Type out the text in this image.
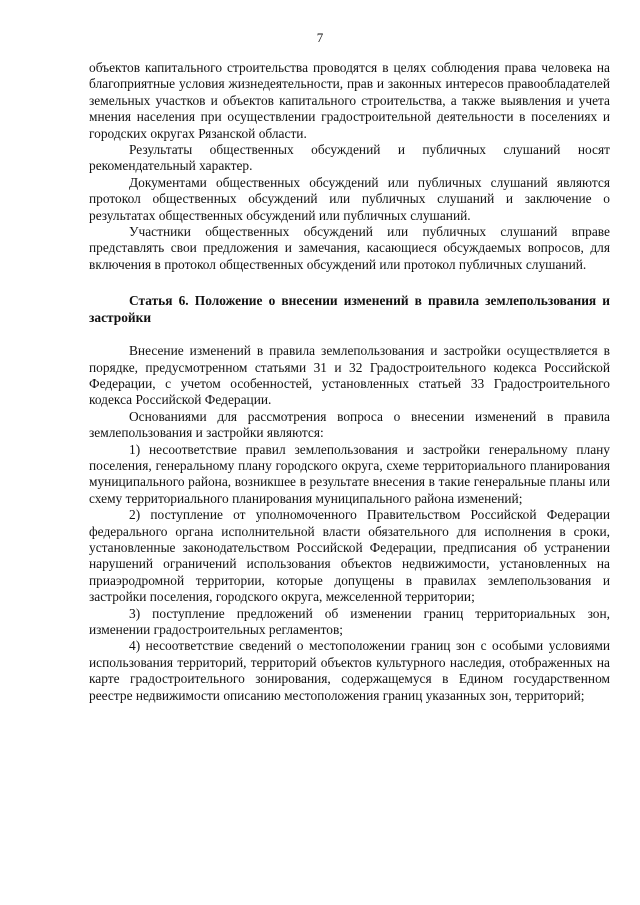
7

объектов капитального строительства проводятся в целях соблюдения права человека на благоприятные условия жизнедеятельности, прав и законных интересов правообладателей земельных участков и объектов капитального строительства, а также выявления и учета мнения населения при осуществлении градостроительной деятельности в поселениях и городских округах Рязанской области.

Результаты общественных обсуждений и публичных слушаний носят рекомендательный характер.

Документами общественных обсуждений или публичных слушаний являются протокол общественных обсуждений или публичных слушаний и заключение о результатах общественных обсуждений или публичных слушаний.

Участники общественных обсуждений или публичных слушаний вправе представлять свои предложения и замечания, касающиеся обсуждаемых вопросов, для включения в протокол общественных обсуждений или протокол публичных слушаний.

Статья 6. Положение о внесении изменений в правила землепользования и застройки

Внесение изменений в правила землепользования и застройки осуществляется в порядке, предусмотренном статьями 31 и 32 Градостроительного кодекса Российской Федерации, с учетом особенностей, установленных статьей 33 Градостроительного кодекса Российской Федерации.

Основаниями для рассмотрения вопроса о внесении изменений в правила землепользования и застройки являются:

1) несоответствие правил землепользования и застройки генеральному плану поселения, генеральному плану городского округа, схеме территориального планирования муниципального района, возникшее в результате внесения в такие генеральные планы или схему территориального планирования муниципального района изменений;

2) поступление от уполномоченного Правительством Российской Федерации федерального органа исполнительной власти обязательного для исполнения в сроки, установленные законодательством Российской Федерации, предписания об устранении нарушений ограничений использования объектов недвижимости, установленных на приаэродромной территории, которые допущены в правилах землепользования и застройки поселения, городского округа, межселенной территории;

3) поступление предложений об изменении границ территориальных зон, изменении градостроительных регламентов;

4) несоответствие сведений о местоположении границ зон с особыми условиями использования территорий, территорий объектов культурного наследия, отображенных на карте градостроительного зонирования, содержащемуся в Едином государственном реестре недвижимости описанию местоположения границ указанных зон, территорий;
